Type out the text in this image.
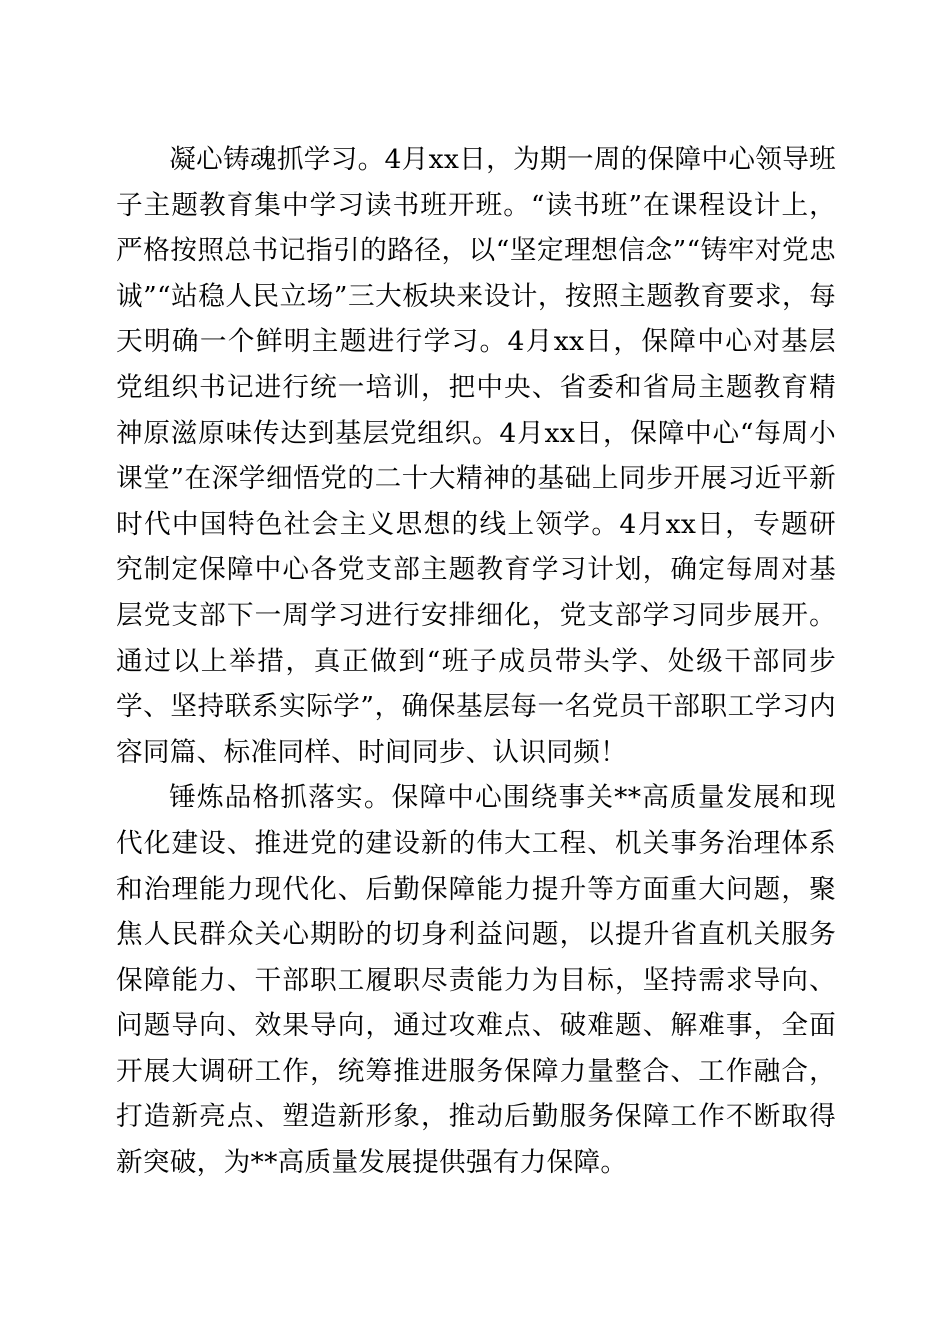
凝心铸魂抓学习。4月xx日，为期一周的保障中心领导班子主题教育集中学习读书班开班。“读书班”在课程设计上，严格按照总书记指引的路径，以“坚定理想信念”“铸牢对党忠诚”“站稳人民立场”三大板块来设计，按照主题教育要求，每天明确一个鲜明主题进行学习。4月xx日，保障中心对基层党组织书记进行统一培训，把中央、省委和省局主题教育精神原滋原味传达到基层党组织。4月xx日，保障中心“每周小课堂”在深学细悟党的二十大精神的基础上同步开展习近平新时代中国特色社会主义思想的线上领学。4月xx日，专题研究制定保障中心各党支部主题教育学习计划，确定每周对基层党支部下一周学习进行安排细化，党支部学习同步展开。通过以上举措，真正做到“班子成员带头学、处级干部同步学、坚持联系实际学”，确保基层每一名党员干部职工学习内容同篇、标准同样、时间同步、认识同频！

锤炼品格抓落实。保障中心围绕事关**高质量发展和现代化建设、推进党的建设新的伟大工程、机关事务治理体系和治理能力现代化、后勤保障能力提升等方面重大问题，聚焦人民群众关心期盼的切身利益问题，以提升省直机关服务保障能力、干部职工履职尽责能力为目标，坚持需求导向、问题导向、效果导向，通过攻难点、破难题、解难事，全面开展大调研工作，统筹推进服务保障力量整合、工作融合，打造新亮点、塑造新形象，推动后勤服务保障工作不断取得新突破，为**高质量发展提供强有力保障。
